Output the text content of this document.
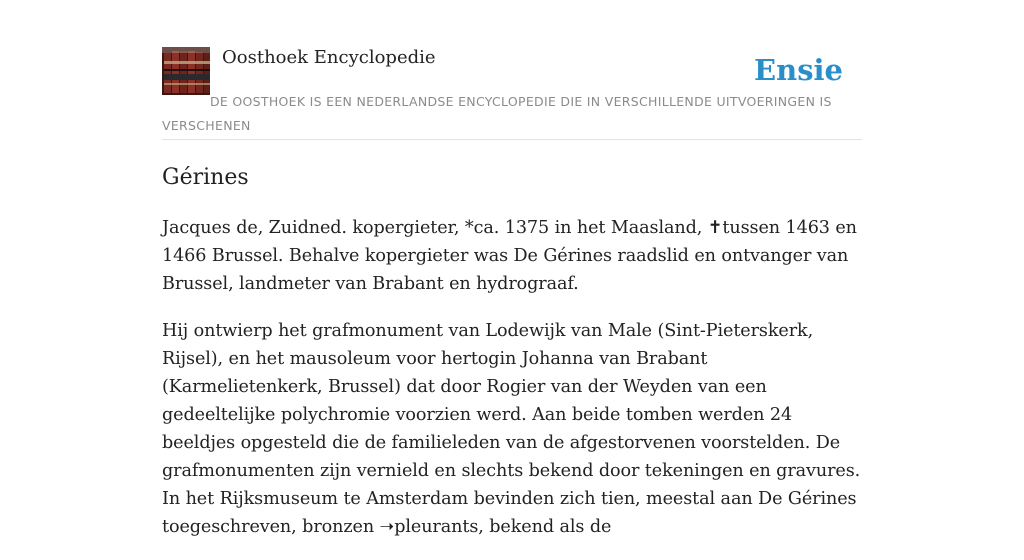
Oosthoek Encyclopedie	Ensie

DE OOSTHOEK IS EEN NEDERLANDSE ENCYCLOPEDIE DIE IN VERSCHILLENDE UITVOERINGEN IS VERSCHENEN

Gérines

Jacques de, Zuidned. kopergieter, *ca. 1375 in het Maasland, ✝tussen 1463 en 1466 Brussel. Behalve kopergieter was De Gérines raadslid en ontvanger van Brussel, landmeter van Brabant en hydrograaf.

Hij ontwierp het grafmonument van Lodewijk van Male (Sint-Pieterskerk, Rijsel), en het mausoleum voor hertogin Johanna van Brabant (Karmelietenkerk, Brussel) dat door Rogier van der Weyden van een gedeeltelijke polychromie voorzien werd. Aan beide tomben werden 24 beeldjes opgesteld die de familieleden van de afgestorvenen voorstelden. De grafmonumenten zijn vernield en slechts bekend door tekeningen en gravures. In het Rijksmuseum te Amsterdam bevinden zich tien, meestal aan De Gérines toegeschreven, bronzen ➝pleurants, bekend als de
